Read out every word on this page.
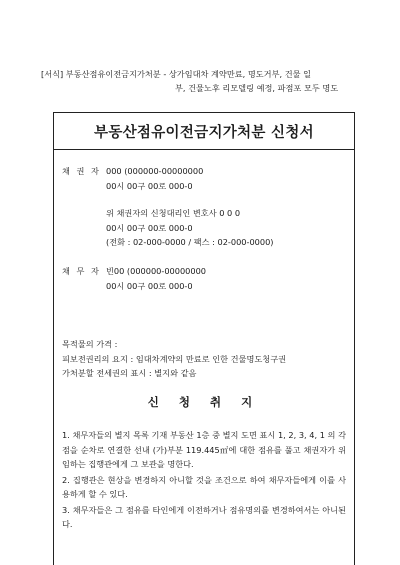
[서식] 부동산점유이전금지가처분 - 상가임대차 계약만료, 명도거부, 건물 일
부, 건물노후 리모델링 예정, 파점포 모두 명도
부동산점유이전금지가처분 신청서
채 권 자 000 (000000-00000000
00시 00구 00로 000-0
위 채권자의 신청대리인 변호사 0 0 0
00시 00구 00로 000-0
(전화 : 02-000-0000 / 팩스 : 02-000-0000)
채 무 자 빈00 (000000-00000000
00시 00구 00로 000-0
목적물의 가격 :
피보전권리의 요지 : 임대차계약의 만료로 인한 건물명도청구권
가처분할 전세권의 표시 : 별지와 같음
신 청 취 지

1. 채무자들의 별지 목록 기재 부동산 1층 중 별지 도면 표시 1, 2, 3, 4, 1 의 각 점을 순차로 연결한 선내 (가)부분 119.445㎡에 대한 점유를 풀고 채권자가 위임하는 집행관에게 그 보관을 명한다.

2. 집행관은 현상을 변경하지 아니할 것을 조건으로 하여 채무자들에게 이를 사용하게 할 수 있다.

3. 채무자들은 그 점유를 타인에게 이전하거나 점유명의를 변경하여서는 아니된다.
